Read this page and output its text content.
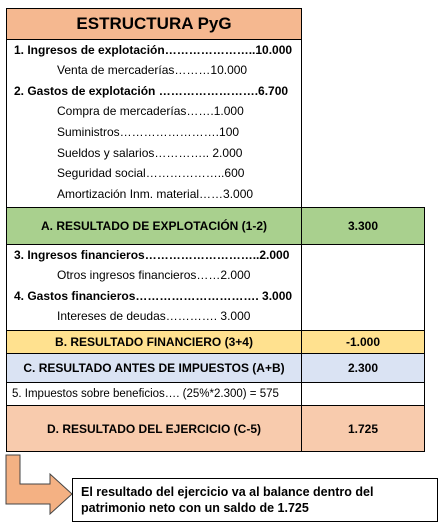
ESTRUCTURA PyG
1. Ingresos de explotación…………………..10.000
Venta de mercaderías………10.000
2. Gastos de explotación …………………….6.700
Compra de mercaderías…….1.000
Suministros…………………….100
Sueldos y salarios………….. 2.000
Seguridad social………………..600
Amortización Inm. material……3.000
A. RESULTADO DE EXPLOTACIÓN (1-2)	3.300
3. Ingresos financieros………………………..2.000
Otros ingresos financieros……2.000
4. Gastos financieros…………………………. 3.000
Intereses de deudas…………. 3.000
B. RESULTADO FINANCIERO (3+4)	-1.000
C. RESULTADO ANTES DE IMPUESTOS (A+B)	2.300
5. Impuestos sobre beneficios…. (25%*2.300) = 575
D. RESULTADO DEL EJERCICIO (C-5)	1.725
El resultado del ejercicio va al balance dentro del patrimonio neto con un saldo de 1.725
